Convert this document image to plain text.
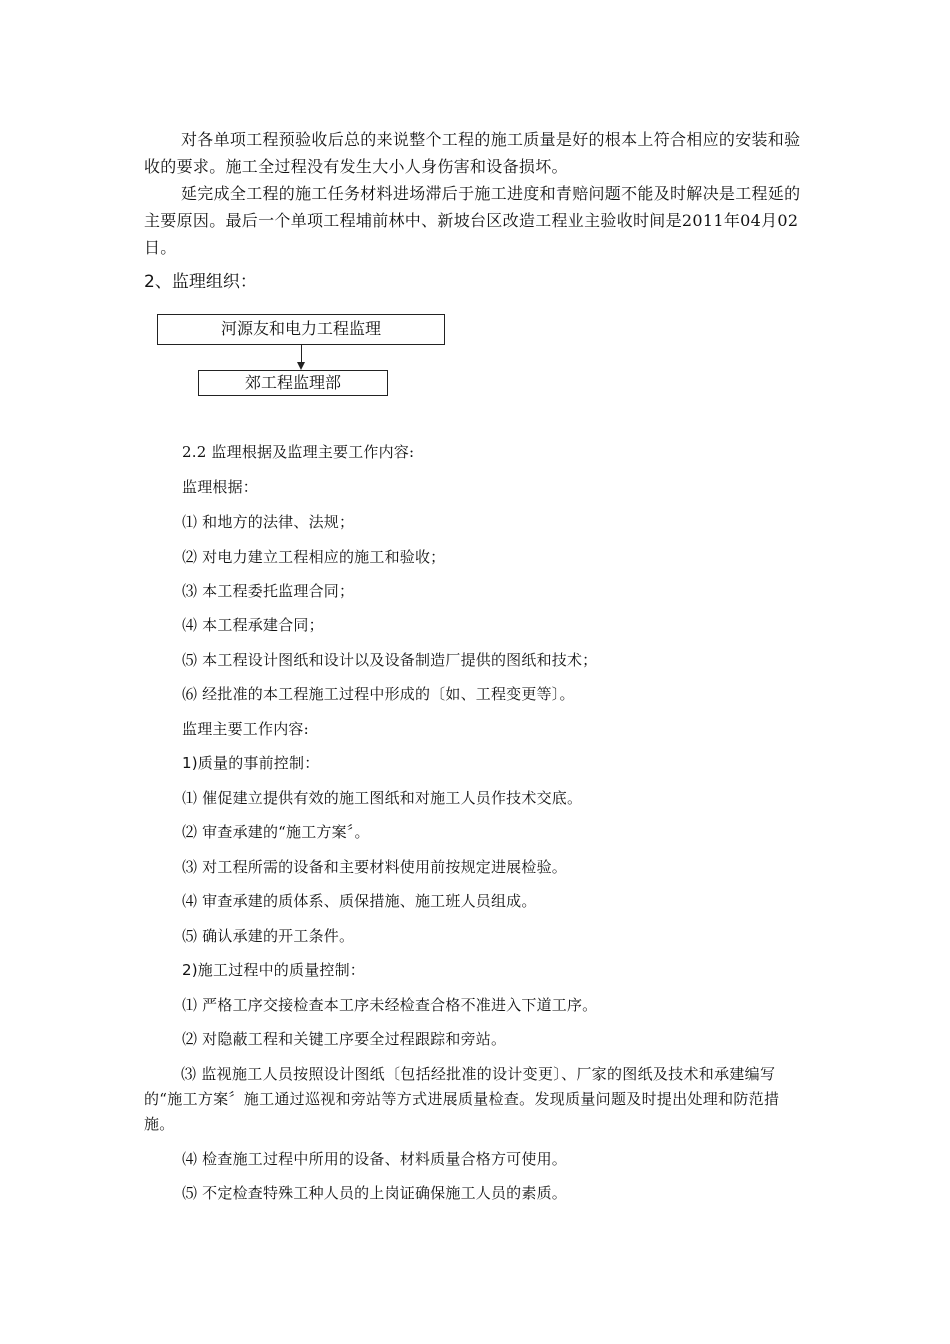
对各单项工程预验收后总的来说整个工程的施工质量是好的根本上符合相应的安装和验收的要求。施工全过程没有发生大小人身伤害和设备损坏。

延完成全工程的施工任务材料进场滞后于施工进度和青赔问题不能及时解决是工程延的主要原因。最后一个单项工程埔前林中、新坡台区改造工程业主验收时间是2011年04月02日。

2、监理组织：

河源友和电力工程监理
郊工程监理部

2.2 监理根据及监理主要工作内容:

监理根据：

⑴ 和地方的法律、法规；

⑵ 对电力建立工程相应的施工和验收；

⑶ 本工程委托监理合同；

⑷ 本工程承建合同；

⑸ 本工程设计图纸和设计以及设备制造厂提供的图纸和技术；

⑹ 经批准的本工程施工过程中形成的〔如、工程变更等〕。

监理主要工作内容:

1)质量的事前控制：

⑴ 催促建立提供有效的施工图纸和对施工人员作技术交底。

⑵ 审查承建的“施工方案〞。

⑶ 对工程所需的设备和主要材料使用前按规定进展检验。

⑷ 审查承建的质体系、质保措施、施工班人员组成。

⑸ 确认承建的开工条件。

2)施工过程中的质量控制：

⑴ 严格工序交接检查本工序未经检查合格不准进入下道工序。

⑵ 对隐蔽工程和关键工序要全过程跟踪和旁站。

⑶ 监视施工人员按照设计图纸〔包括经批准的设计变更〕、厂家的图纸及技术和承建编写的“施工方案〞施工通过巡视和旁站等方式进展质量检查。发现质量问题及时提出处理和防范措施。

⑷ 检查施工过程中所用的设备、材料质量合格方可使用。

⑸ 不定检查特殊工种人员的上岗证确保施工人员的素质。
